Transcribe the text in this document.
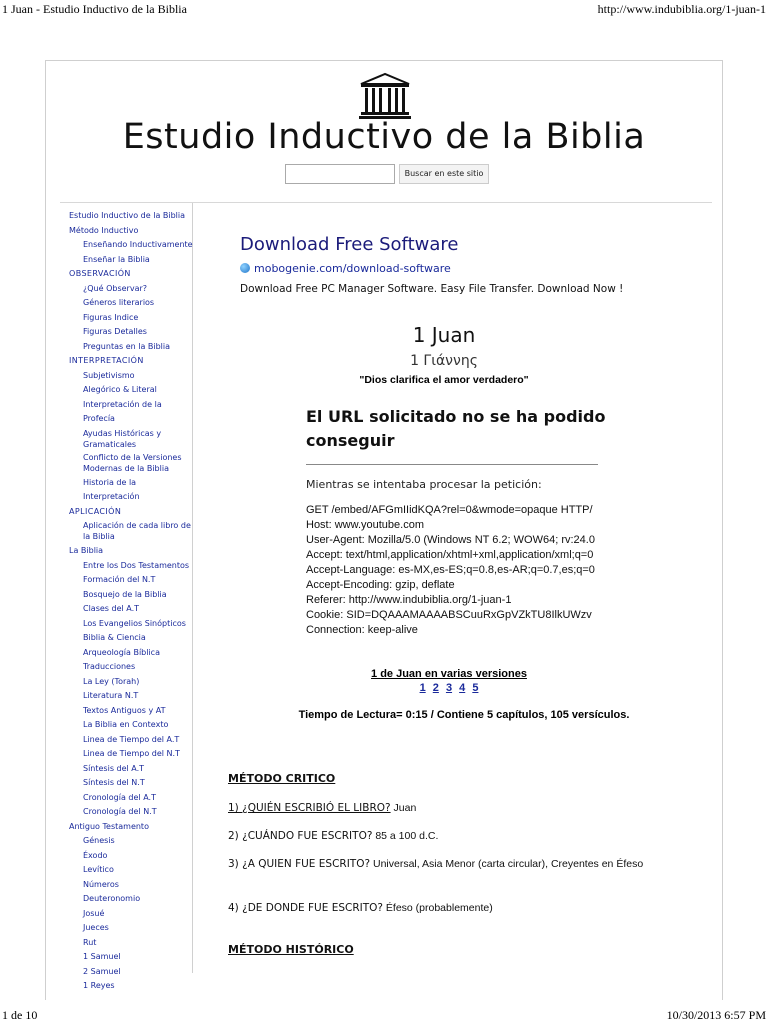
1 Juan - Estudio Inductivo de la Biblia	http://www.indubiblia.org/1-juan-1
1 de 10	10/30/2013 6:57 PM
Estudio Inductivo de la Biblia
Buscar en este sitio
Estudio Inductivo de la Biblia
Método Inductivo
Enseñando Inductivamente
Enseñar la Biblia
OBSERVACIÓN
¿Qué Observar?
Géneros literarios
Figuras Indice
Figuras Detalles
Preguntas en la Biblia
INTERPRETACIÓN
Subjetivismo
Alegórico & Literal
Interpretación de la Profecía
Ayudas Históricas y Gramaticales
Conflicto de la Versiones Modernas de la Biblia
Historia de la Interpretación
APLICACIÓN
Aplicación de cada libro de la Biblia
La Biblia
Entre los Dos Testamentos
Formación del N.T
Bosquejo de la Biblia
Clases del A.T
Los Evangelios Sinópticos
Biblia & Ciencia
Arqueología Bíblica
Traducciones
La Ley (Torah)
Literatura N.T
Textos Antiguos y AT
La Biblia en Contexto
Linea de Tiempo del A.T
Linea de Tiempo del N.T
Síntesis del A.T
Síntesis del N.T
Cronología del A.T
Cronología del N.T
Antiguo Testamento
Génesis
Éxodo
Levítico
Números
Deuteronomio
Josué
Jueces
Rut
1 Samuel
2 Samuel
1 Reyes
Download Free Software
mobogenie.com/download-software
Download Free PC Manager Software. Easy File Transfer. Download Now !
1 Juan
1 Γιάννης
"Dios clarifica el amor verdadero"
El URL solicitado no se ha podido conseguir
Mientras se intentaba procesar la petición:
GET /embed/AFGmIIidKQA?rel=0&wmode=opaque HTTP/
Host: www.youtube.com
User-Agent: Mozilla/5.0 (Windows NT 6.2; WOW64; rv:24.0
Accept: text/html,application/xhtml+xml,application/xml;q=0
Accept-Language: es-MX,es-ES;q=0.8,es-AR;q=0.7,es;q=0
Accept-Encoding: gzip, deflate
Referer: http://www.indubiblia.org/1-juan-1
Cookie: SID=DQAAAMAAAABSCuuRxGpVZkTU8IlkUWzv
Connection: keep-alive
1 de Juan en varias versiones
1 2 3 4 5
Tiempo de Lectura= 0:15 / Contiene 5 capítulos, 105 versículos.
MÉTODO CRITICO
1) ¿QUIÉN ESCRIBIÓ EL LIBRO? Juan
2) ¿CUÁNDO FUE ESCRITO? 85 a 100 d.C.
3) ¿A QUIEN FUE ESCRITO? Universal, Asia Menor (carta circular), Creyentes en Éfeso
4) ¿DE DONDE FUE ESCRITO? Éfeso (probablemente)
MÉTODO HISTÓRICO
